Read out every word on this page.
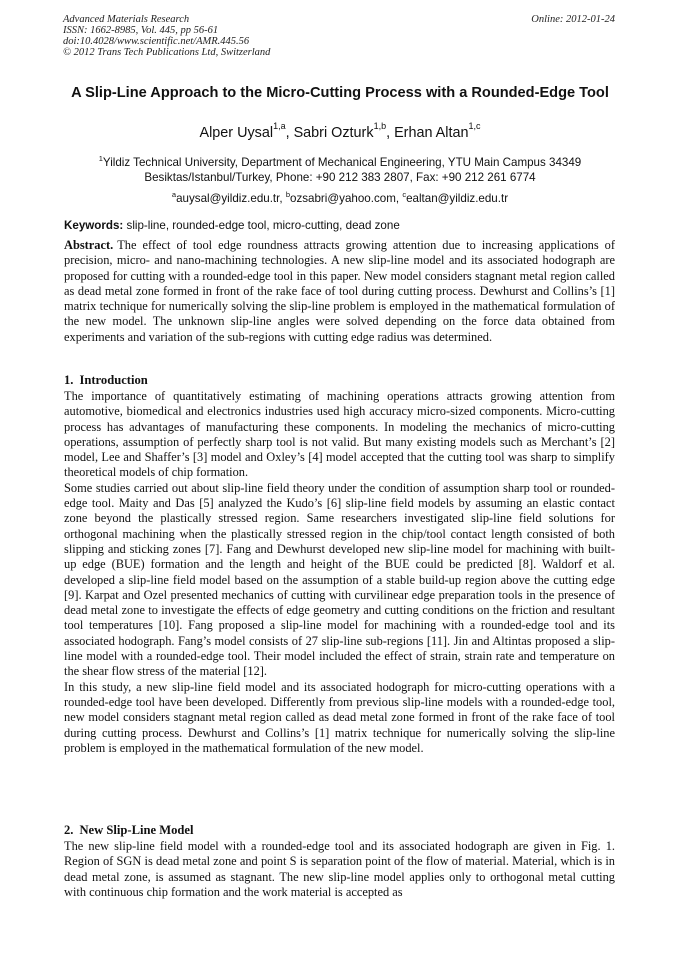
Advanced Materials Research
ISSN: 1662-8985, Vol. 445, pp 56-61
doi:10.4028/www.scientific.net/AMR.445.56
© 2012 Trans Tech Publications Ltd, Switzerland
Online: 2012-01-24
A Slip-Line Approach to the Micro-Cutting Process with a Rounded-Edge Tool
Alper Uysal$^{1,a}$, Sabri Ozturk$^{1,b}$, Erhan Altan$^{1,c}$
$^1$Yildiz Technical University, Department of Mechanical Engineering, YTU Main Campus 34349
Besiktas/Istanbul/Turkey, Phone: +90 212 383 2807, Fax: +90 212 261 6774
$^a$auysal@yildiz.edu.tr, $^b$ozsabri@yahoo.com, $^c$ealtan@yildiz.edu.tr
Keywords: slip-line, rounded-edge tool, micro-cutting, dead zone

Abstract. The effect of tool edge roundness attracts growing attention due to increasing applications of precision, micro- and nano-machining technologies. A new slip-line model and its associated hodograph are proposed for cutting with a rounded-edge tool in this paper. New model considers stagnant metal region called as dead metal zone formed in front of the rake face of tool during cutting process. Dewhurst and Collins’s [1] matrix technique for numerically solving the slip-line problem is employed in the mathematical formulation of the new model. The unknown slip-line angles were solved depending on the force data obtained from experiments and variation of the sub-regions with cutting edge radius was determined.

1. Introduction

The importance of quantitatively estimating of machining operations attracts growing attention from automotive, biomedical and electronics industries used high accuracy micro-sized components. Micro-cutting process has advantages of manufacturing these components. In modeling the mechanics of micro-cutting operations, assumption of perfectly sharp tool is not valid. But many existing models such as Merchant’s [2] model, Lee and Shaffer’s [3] model and Oxley’s [4] model accepted that the cutting tool was sharp to simplify theoretical models of chip formation.

Some studies carried out about slip-line field theory under the condition of assumption sharp tool or rounded-edge tool. Maity and Das [5] analyzed the Kudo’s [6] slip-line field models by assuming an elastic contact zone beyond the plastically stressed region. Same researchers investigated slip-line field solutions for orthogonal machining when the plastically stressed region in the chip/tool contact length consisted of both slipping and sticking zones [7]. Fang and Dewhurst developed new slip-line model for machining with built-up edge (BUE) formation and the length and height of the BUE could be predicted [8]. Waldorf et al. developed a slip-line field model based on the assumption of a stable build-up region above the cutting edge [9]. Karpat and Ozel presented mechanics of cutting with curvilinear edge preparation tools in the presence of dead metal zone to investigate the effects of edge geometry and cutting conditions on the friction and resultant tool temperatures [10]. Fang proposed a slip-line model for machining with a rounded-edge tool and its associated hodograph. Fang’s model consists of 27 slip-line sub-regions [11]. Jin and Altintas proposed a slip-line model with a rounded-edge tool. Their model included the effect of strain, strain rate and temperature on the shear flow stress of the material [12].

In this study, a new slip-line field model and its associated hodograph for micro-cutting operations with a rounded-edge tool have been developed. Differently from previous slip-line models with a rounded-edge tool, new model considers stagnant metal region called as dead metal zone formed in front of the rake face of tool during cutting process. Dewhurst and Collins’s [1] matrix technique for numerically solving the slip-line problem is employed in the mathematical formulation of the new model.

2. New Slip-Line Model

The new slip-line field model with a rounded-edge tool and its associated hodograph are given in Fig. 1. Region of SGN is dead metal zone and point S is separation point of the flow of material. Material, which is in dead metal zone, is assumed as stagnant. The new slip-line model applies only to orthogonal metal cutting with continuous chip formation and the work material is accepted as
